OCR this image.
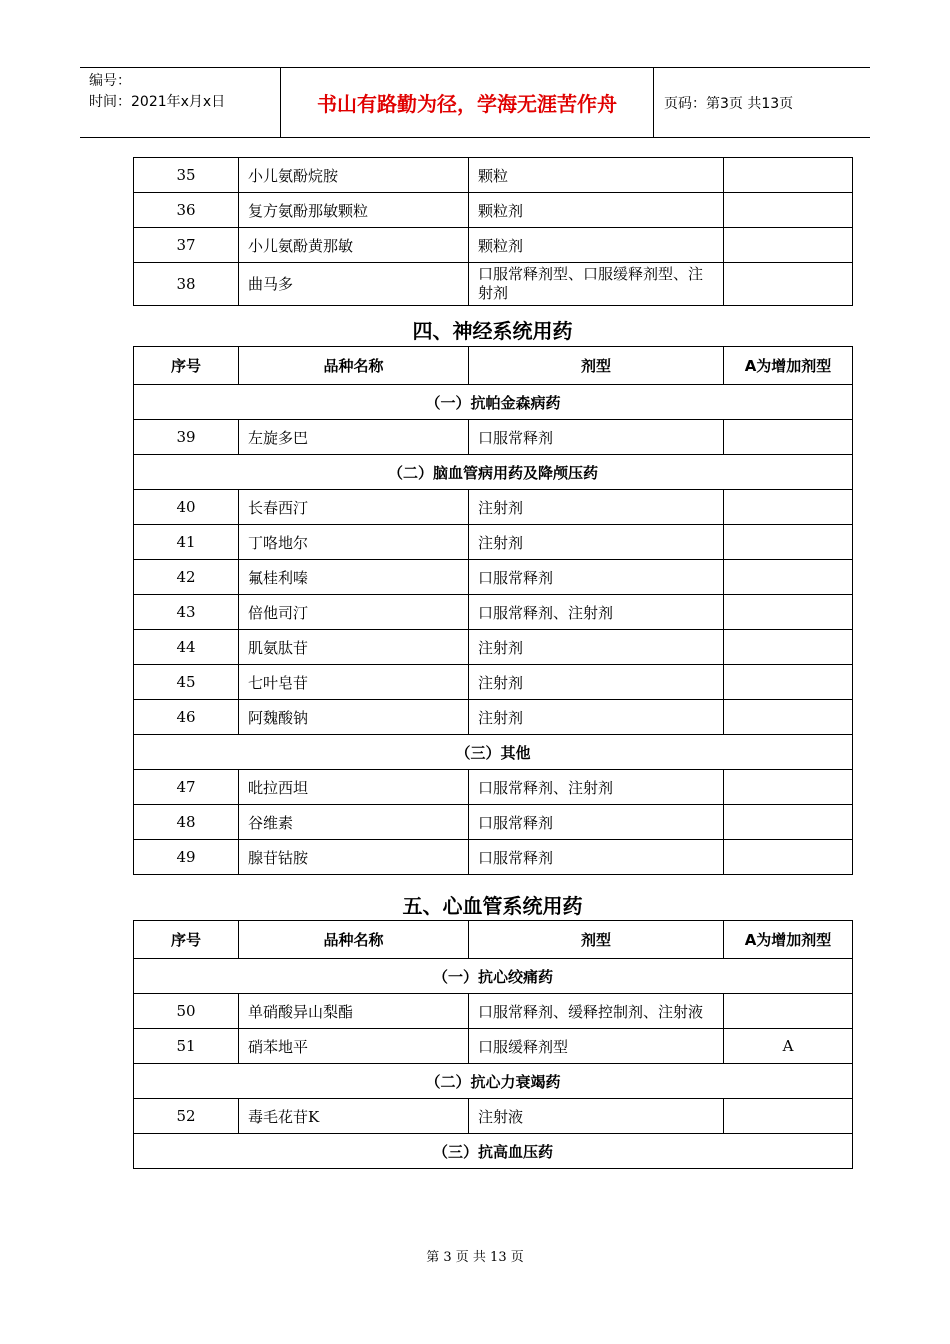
编号：
时间：2021年x月x日	书山有路勤为径，学海无涯苦作舟	页码：第3页 共13页
35	小儿氨酚烷胺	颗粒	
36	复方氨酚那敏颗粒	颗粒剂	
37	小儿氨酚黄那敏	颗粒剂	
38	曲马多	口服常释剂型、口服缓释剂型、注射剂	
四、神经系统用药
序号	品种名称	剂型	A为增加剂型
（一）抗帕金森病药			
39	左旋多巴	口服常释剂	
（二）脑血管病用药及降颅压药			
40	长春西汀	注射剂	
41	丁咯地尔	注射剂	
42	氟桂利嗪	口服常释剂	
43	倍他司汀	口服常释剂、注射剂	
44	肌氨肽苷	注射剂	
45	七叶皂苷	注射剂	
46	阿魏酸钠	注射剂	
（三）其他			
47	吡拉西坦	口服常释剂、注射剂	
48	谷维素	口服常释剂	
49	腺苷钴胺	口服常释剂	
五、心血管系统用药
序号	品种名称	剂型	A为增加剂型
（一）抗心绞痛药			
50	单硝酸异山梨酯	口服常释剂、缓释控制剂、注射液	
51	硝苯地平	口服缓释剂型	A
（二）抗心力衰竭药			
52	毒毛花苷K	注射液	
（三）抗高血压药			
第 3 页 共 13 页
